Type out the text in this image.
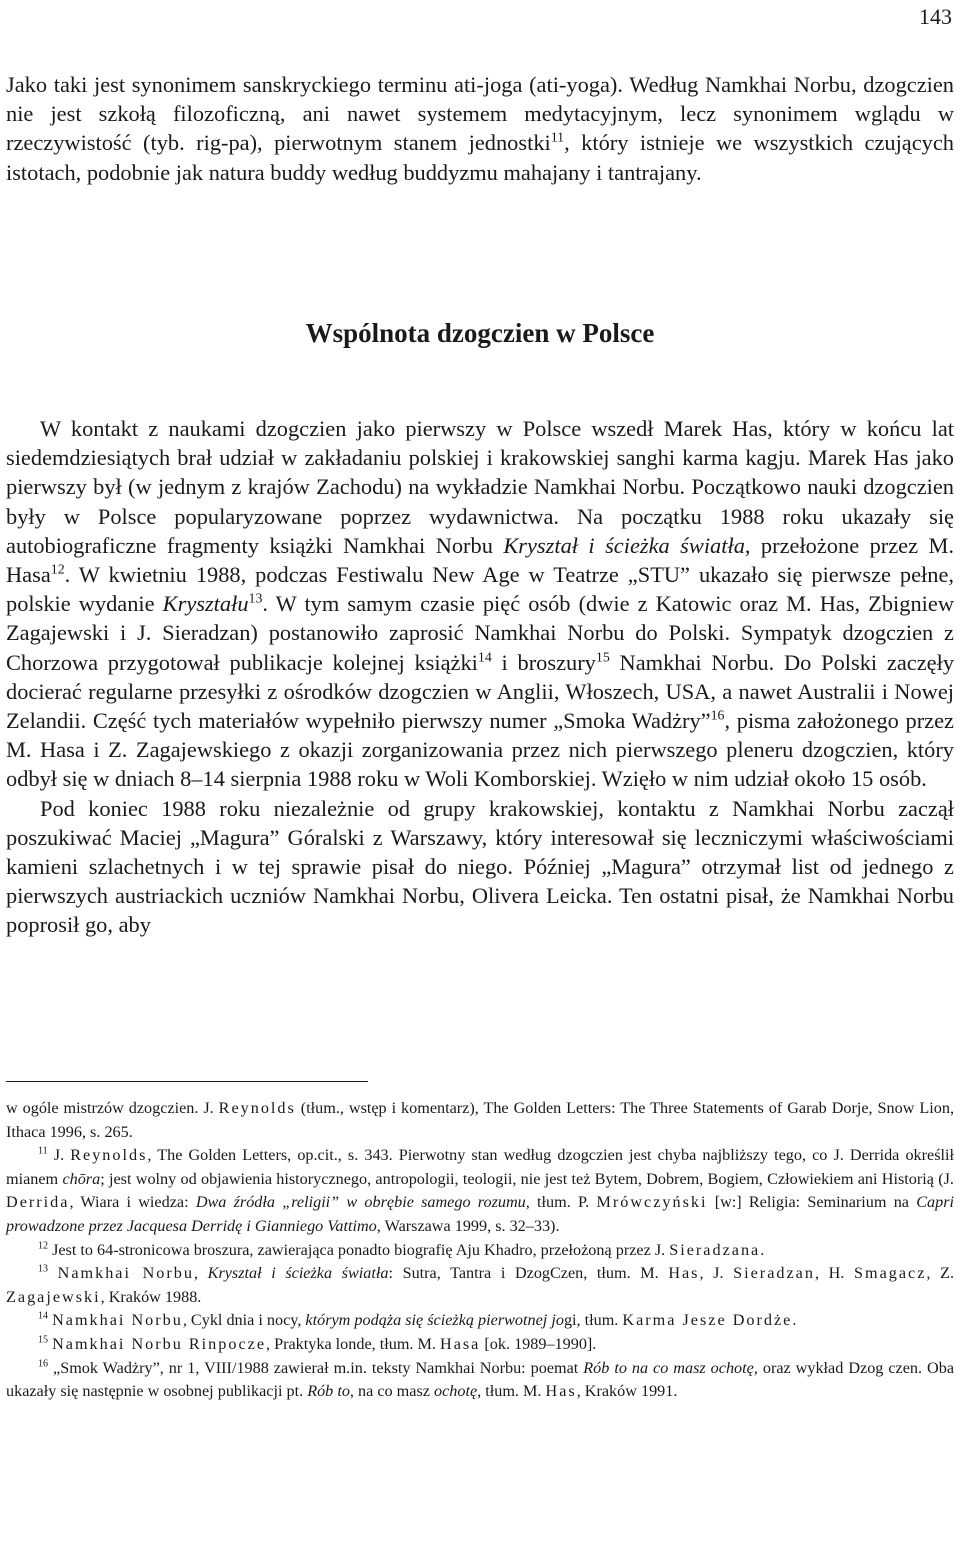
143
Jako taki jest synonimem sanskryckiego terminu ati-joga (ati-yoga). Według Namkhai Norbu, dzogczien nie jest szkołą filozoficzną, ani nawet systemem medytacyjnym, lecz synonimem wglądu w rzeczywistość (tyb. rig-pa), pierwotnym stanem jednostki$^{11}$, który istnieje we wszystkich czujących istotach, podobnie jak natura buddy według buddyzmu mahajany i tantrajany.
Wspólnota dzogczien w Polsce

W kontakt z naukami dzogczien jako pierwszy w Polsce wszedł Marek Has, który w końcu lat siedemdziesiątych brał udział w zakładaniu polskiej i krakowskiej sanghi karma kagju. Marek Has jako pierwszy był (w jednym z krajów Zachodu) na wykładzie Namkhai Norbu. Początkowo nauki dzogczien były w Polsce popularyzowane poprzez wydawnictwa. Na początku 1988 roku ukazały się autobiograficzne fragmenty książki Namkhai Norbu Kryształ i ścieżka światła, przełożone przez M. Hasa$^{12}$. W kwietniu 1988, podczas Festiwalu New Age w Teatrze „STU” ukazało się pierwsze pełne, polskie wydanie Kryształu$^{13}$. W tym samym czasie pięć osób (dwie z Katowic oraz M. Has, Zbigniew Zagajewski i J. Sieradzan) postanowiło zaprosić Namkhai Norbu do Polski. Sympatyk dzogczien z Chorzowa przygotował publikacje kolejnej książki$^{14}$ i broszury$^{15}$ Namkhai Norbu. Do Polski zaczęły docierać regularne przesyłki z ośrodków dzogczien w Anglii, Włoszech, USA, a nawet Australii i Nowej Zelandii. Część tych materiałów wypełniło pierwszy numer „Smoka Wadżry”$^{16}$, pisma założonego przez M. Hasa i Z. Zagajewskiego z okazji zorganizowania przez nich pierwszego pleneru dzogczien, który odbył się w dniach 8–14 sierpnia 1988 roku w Woli Komborskiej. Wzięło w nim udział około 15 osób.

Pod koniec 1988 roku niezależnie od grupy krakowskiej, kontaktu z Namkhai Norbu zaczął poszukiwać Maciej „Magura” Góralski z Warszawy, który interesował się leczniczymi właściwościami kamieni szlachetnych i w tej sprawie pisał do niego. Później „Magura” otrzymał list od jednego z pierwszych austriackich uczniów Namkhai Norbu, Olivera Leicka. Ten ostatni pisał, że Namkhai Norbu poprosił go, aby

w ogóle mistrzów dzogczien. J. Reynolds (tłum., wstęp i komentarz), The Golden Letters: The Three Statements of Garab Dorje, Snow Lion, Ithaca 1996, s. 265.

$^{11}$ J. Reynolds, The Golden Letters, op.cit., s. 343. Pierwotny stan według dzogczien jest chyba najbliższy tego, co J. Derrida określił mianem chōra; jest wolny od objawienia historycznego, antropologii, teologii, nie jest też Bytem, Dobrem, Bogiem, Człowiekiem ani Historią (J. Derrida, Wiara i wiedza: Dwa źródła „religii” w obrębie samego rozumu, tłum. P. Mrówczyński [w:] Religia: Seminarium na Capri prowadzone przez Jacquesa Derridę i Gianniego Vattimo, Warszawa 1999, s. 32–33).

$^{12}$ Jest to 64-stronicowa broszura, zawierająca ponadto biografię Aju Khadro, przełożoną przez J. Sieradzana.

$^{13}$ Namkhai Norbu, Kryształ i ścieżka światła: Sutra, Tantra i DzogCzen, tłum. M. Has, J. Sieradzan, H. Smagacz, Z. Zagajewski, Kraków 1988.

$^{14}$ Namkhai Norbu, Cykl dnia i nocy, którym podąża się ścieżką pierwotnej jogi, tłum. Karma Jesze Dordże.

$^{15}$ Namkhai Norbu Rinpocze, Praktyka londe, tłum. M. Hasa [ok. 1989–1990].

$^{16}$ „Smok Wadżry”, nr 1, VIII/1988 zawierał m.in. teksty Namkhai Norbu: poemat Rób to na co masz ochotę, oraz wykład Dzog czen. Oba ukazały się następnie w osobnej publikacji pt. Rób to, na co masz ochotę, tłum. M. Has, Kraków 1991.
